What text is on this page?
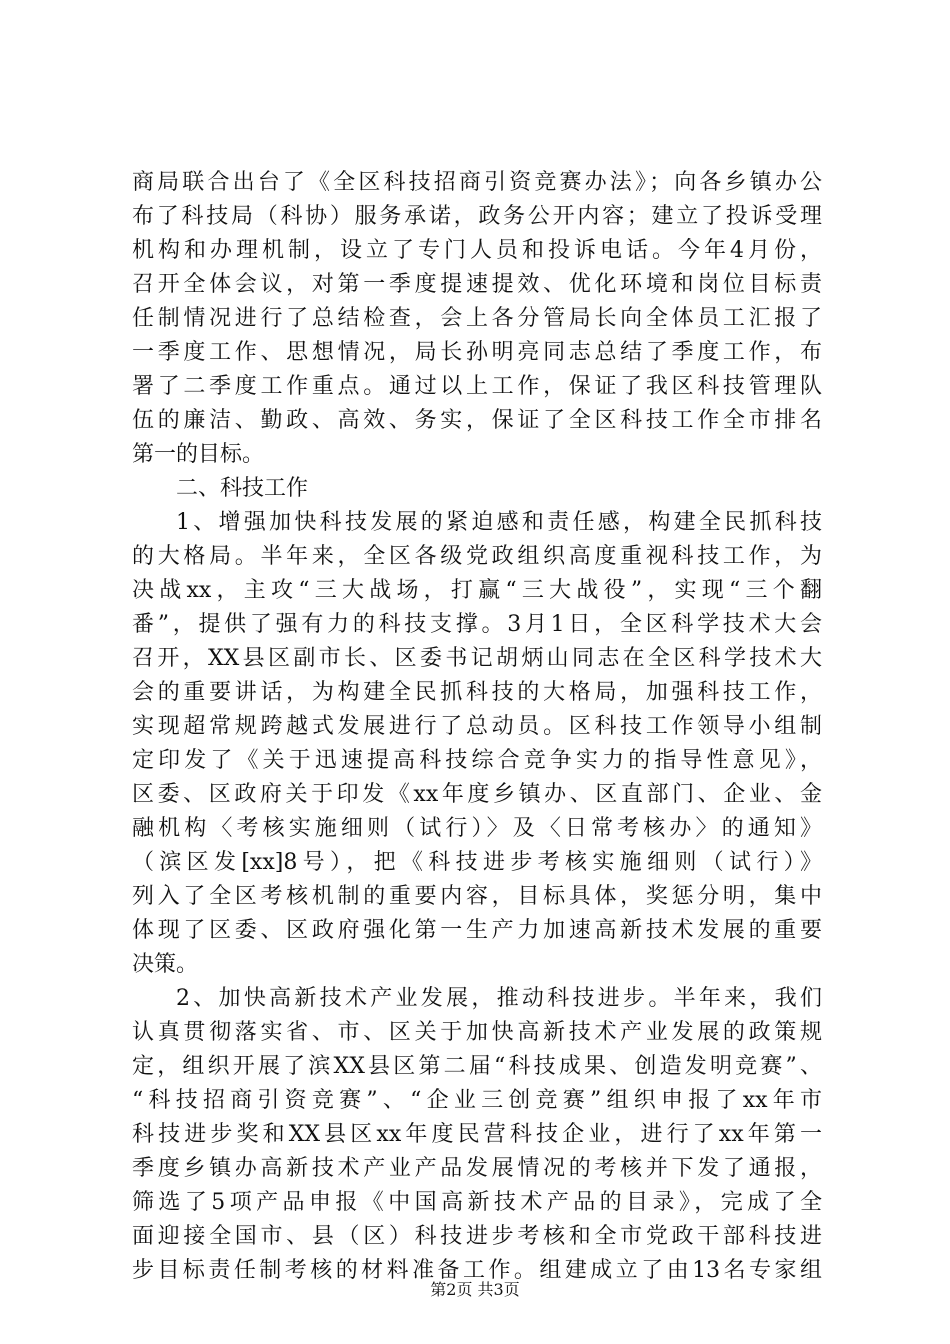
商局联合出台了《全区科技招商引资竞赛办法》；向各乡镇办公
布了科技局（科协）服务承诺，政务公开内容；建立了投诉受理
机构和办理机制，设立了专门人员和投诉电话。今年4月份，
召开全体会议，对第一季度提速提效、优化环境和岗位目标责
任制情况进行了总结检查，会上各分管局长向全体员工汇报了
一季度工作、思想情况，局长孙明亮同志总结了季度工作，布
署了二季度工作重点。通过以上工作，保证了我区科技管理队
伍的廉洁、勤政、高效、务实，保证了全区科技工作全市排名
第一的目标。
二、科技工作
1、增强加快科技发展的紧迫感和责任感，构建全民抓科技
的大格局。半年来，全区各级党政组织高度重视科技工作，为
决战xx，主攻“三大战场，打赢“三大战役”，实现“三个翻
番”，提供了强有力的科技支撑。3月1日，全区科学技术大会
召开，XX县区副市长、区委书记胡炳山同志在全区科学技术大
会的重要讲话，为构建全民抓科技的大格局，加强科技工作，
实现超常规跨越式发展进行了总动员。区科技工作领导小组制
定印发了《关于迅速提高科技综合竞争实力的指导性意见》，
区委、区政府关于印发《xx年度乡镇办、区直部门、企业、金
融机构〈考核实施细则（试行）〉及〈日常考核办〉的通知》
（滨区发[xx]8号），把《科技进步考核实施细则（试行）》
列入了全区考核机制的重要内容，目标具体，奖惩分明，集中
体现了区委、区政府强化第一生产力加速高新技术发展的重要
决策。
2、加快高新技术产业发展，推动科技进步。半年来，我们
认真贯彻落实省、市、区关于加快高新技术产业发展的政策规
定，组织开展了滨XX县区第二届“科技成果、创造发明竞赛”、
“科技招商引资竞赛”、“企业三创竞赛”组织申报了xx年市
科技进步奖和XX县区xx年度民营科技企业，进行了xx年第一
季度乡镇办高新技术产业产品发展情况的考核并下发了通报，
筛选了5项产品申报《中国高新技术产品的目录》，完成了全
面迎接全国市、县（区）科技进步考核和全市党政干部科技进
步目标责任制考核的材料准备工作。组建成立了由13名专家组
第2页 共3页
